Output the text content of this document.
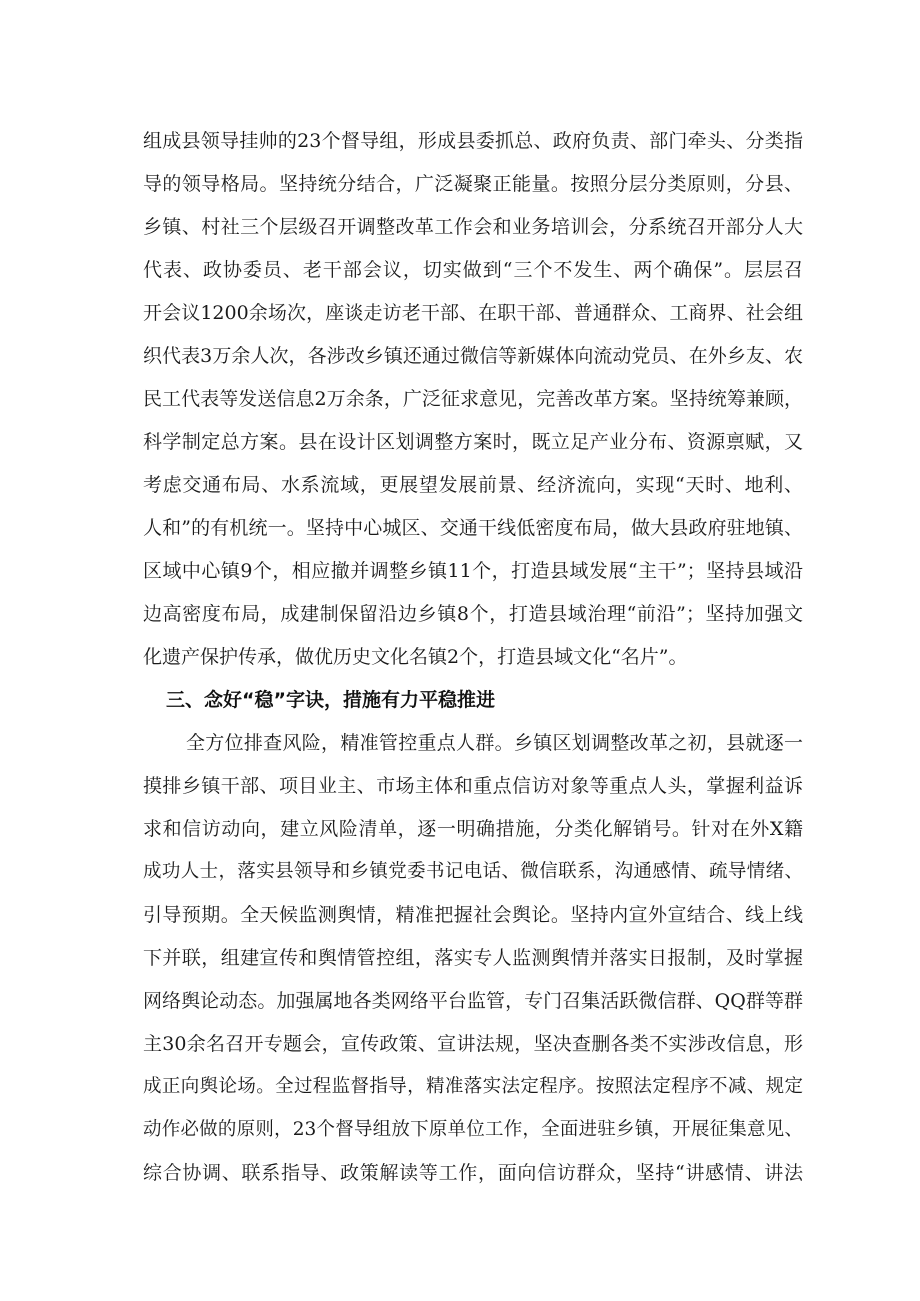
组成县领导挂帅的23个督导组，形成县委抓总、政府负责、部门牵头、分类指
导的领导格局。坚持统分结合，广泛凝聚正能量。按照分层分类原则，分县、
乡镇、村社三个层级召开调整改革工作会和业务培训会，分系统召开部分人大
代表、政协委员、老干部会议，切实做到“三个不发生、两个确保”。层层召
开会议1200余场次，座谈走访老干部、在职干部、普通群众、工商界、社会组
织代表3万余人次，各涉改乡镇还通过微信等新媒体向流动党员、在外乡友、农
民工代表等发送信息2万余条，广泛征求意见，完善改革方案。坚持统筹兼顾，
科学制定总方案。县在设计区划调整方案时，既立足产业分布、资源禀赋，又
考虑交通布局、水系流域，更展望发展前景、经济流向，实现“天时、地利、
人和”的有机统一。坚持中心城区、交通干线低密度布局，做大县政府驻地镇、
区域中心镇9个，相应撤并调整乡镇11个，打造县域发展“主干”；坚持县域沿
边高密度布局，成建制保留沿边乡镇8个，打造县域治理“前沿”；坚持加强文
化遗产保护传承，做优历史文化名镇2个，打造县域文化“名片”。
三、念好“稳”字诀，措施有力平稳推进
全方位排查风险，精准管控重点人群。乡镇区划调整改革之初，县就逐一
摸排乡镇干部、项目业主、市场主体和重点信访对象等重点人头，掌握利益诉
求和信访动向，建立风险清单，逐一明确措施，分类化解销号。针对在外X籍
成功人士，落实县领导和乡镇党委书记电话、微信联系，沟通感情、疏导情绪、
引导预期。全天候监测舆情，精准把握社会舆论。坚持内宣外宣结合、线上线
下并联，组建宣传和舆情管控组，落实专人监测舆情并落实日报制，及时掌握
网络舆论动态。加强属地各类网络平台监管，专门召集活跃微信群、QQ群等群
主30余名召开专题会，宣传政策、宣讲法规，坚决查删各类不实涉改信息，形
成正向舆论场。全过程监督指导，精准落实法定程序。按照法定程序不减、规定
动作必做的原则，23个督导组放下原单位工作，全面进驻乡镇，开展征集意见、
综合协调、联系指导、政策解读等工作，面向信访群众，坚持“讲感情、讲法
